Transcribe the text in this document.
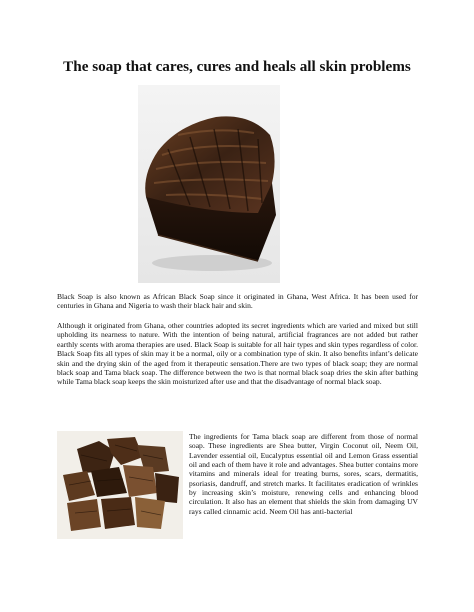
The soap that cares, cures and heals all skin problems

Black Soap is also known as African Black Soap since it originated in Ghana, West Africa. It has been used for centuries in Ghana and Nigeria to wash their black hair and skin.

Although it originated from Ghana, other countries adopted its secret ingredients which are varied and mixed but still upholding its nearness to nature. With the intention of being natural, artificial fragrances are not added but rather earthly scents with aroma therapies are used. Black Soap is suitable for all hair types and skin types regardless of color. Black Soap fits all types of skin may it be a normal, oily or a combination type of skin. It also benefits infant’s delicate skin and the drying skin of the aged from it therapeutic sensation.There are two types of black soap; they are normal black soap and Tama black soap. The difference between the two is that normal black soap dries the skin after bathing while Tama black soap keeps the skin moisturized after use and that the disadvantage of normal black soap.

The ingredients for Tama black soap are different from those of normal soap. These ingredients are Shea butter, Virgin Coconut oil, Neem Oil, Lavender essential oil, Eucalyptus essential oil and Lemon Grass essential oil and each of them have it role and advantages. Shea butter contains more vitamins and minerals ideal for treating burns, sores, scars, dermatitis, psoriasis, dandruff, and stretch marks. It facilitates eradication of wrinkles by increasing skin’s moisture, renewing cells and enhancing blood circulation. It also has an element that shields the skin from damaging UV rays called cinnamic acid. Neem Oil has anti-bacterial
